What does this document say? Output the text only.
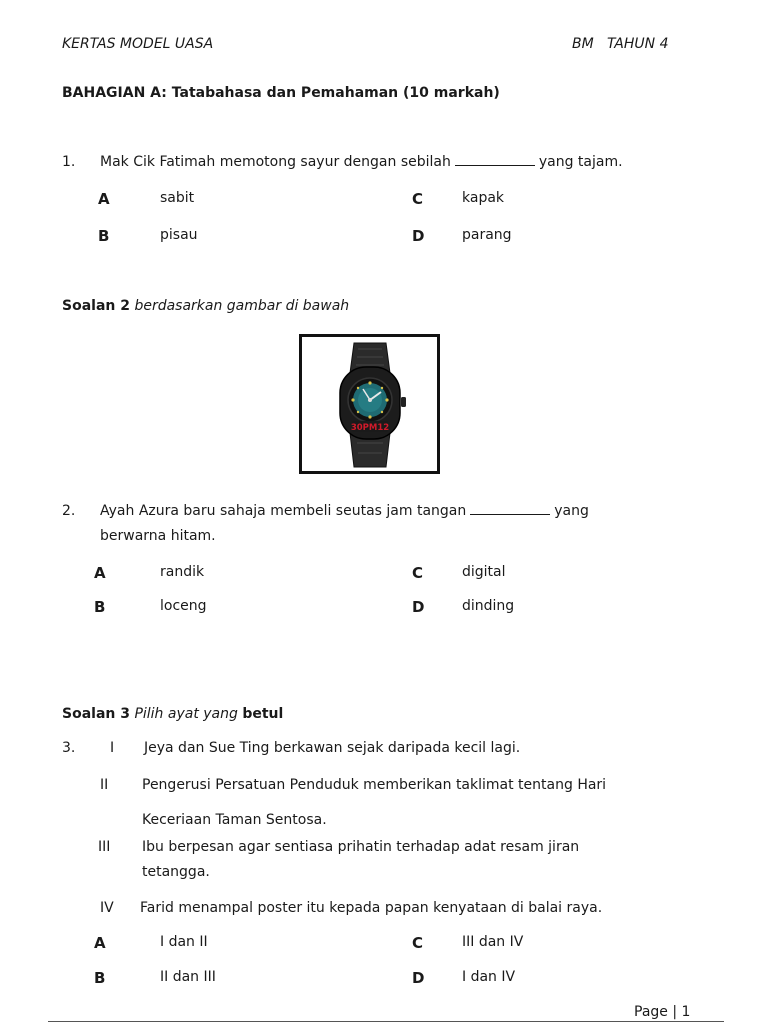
KERTAS MODEL UASA	BM   TAHUN 4
BAHAGIAN A: Tatabahasa dan Pemahaman (10 markah)
1. Mak Cik Fatimah memotong sayur dengan sebilah	yang tajam.
A	sabit
B	pisau
C	kapak
D	parang
Soalan 2 berdasarkan gambar di bawah
30PM12
2. Ayah Azura baru sahaja membeli seutas jam tangan	yang
berwarna hitam.
A	randik
B	loceng
C	digital
D	dinding
Soalan 3 Pilih ayat yang betul
3. I Jeya dan Sue Ting berkawan sejak daripada kecil lagi.
II Pengerusi Persatuan Penduduk memberikan taklimat tentang Hari
Keceriaan Taman Sentosa.
III Ibu berpesan agar sentiasa prihatin terhadap adat resam jiran
tetangga.
IV Farid menampal poster itu kepada papan kenyataan di balai raya.
A	I dan II
B	II dan III
C	III dan IV
D	I dan IV
Page | 1
